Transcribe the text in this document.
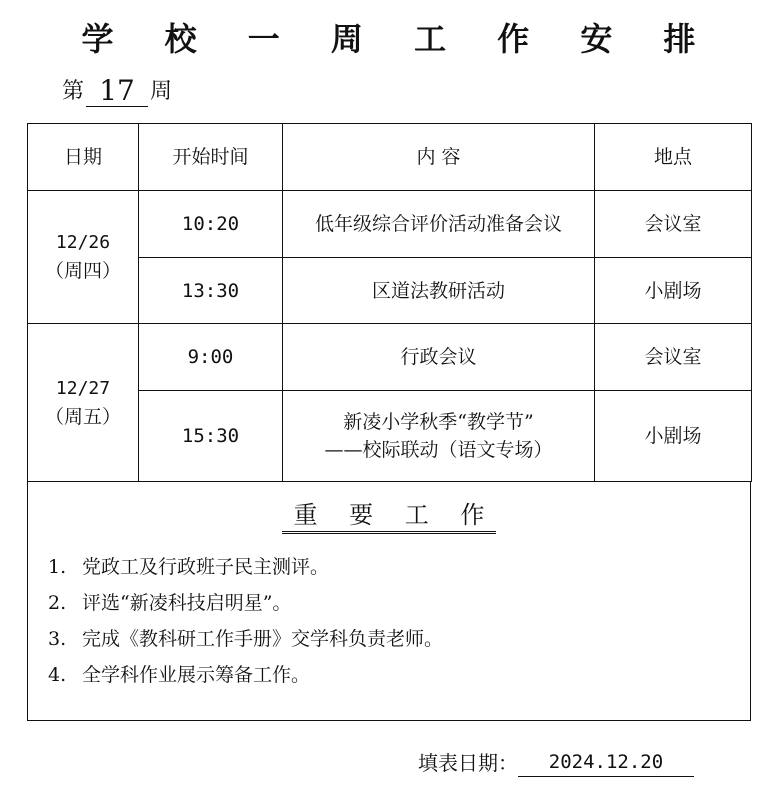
学 校 一 周 工 作 安 排
第 17 周
日期	开始时间	内 容	地点

12/26
（周四）	10:20	低年级综合评价活动准备会议	会议室
	13:30	区道法教研活动	小剧场

12/27
（周五）	9:00	行政会议	会议室
	15:30	新凌小学秋季“教学节”
——校际联动（语文专场）	小剧场
重 要 工 作
1. 党政工及行政班子民主测评。
2. 评选“新凌科技启明星”。
3. 完成《教科研工作手册》交学科负责老师。
4. 全学科作业展示筹备工作。
填表日期：	2024.12.20
